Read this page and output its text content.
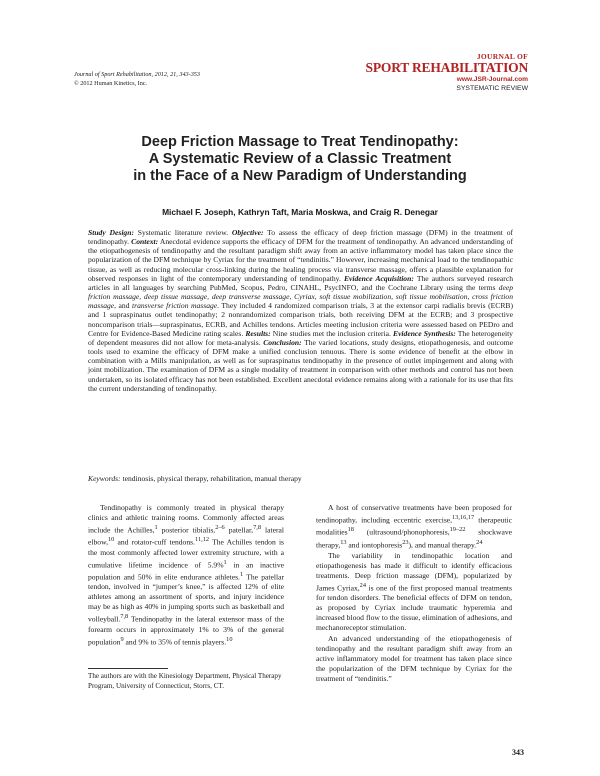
Journal of Sport Rehabilitation, 2012, 21, 343-353
© 2012 Human Kinetics, Inc.
JOURNAL OF
SPORT REHABILITATION
www.JSR-Journal.com
SYSTEMATIC REVIEW
Deep Friction Massage to Treat Tendinopathy:
A Systematic Review of a Classic Treatment
in the Face of a New Paradigm of Understanding
Michael F. Joseph, Kathryn Taft, Maria Moskwa, and Craig R. Denegar
Study Design: Systematic literature review. Objective: To assess the efficacy of deep friction massage (DFM) in the treatment of tendinopathy. Context: Anecdotal evidence supports the efficacy of DFM for the treatment of tendinopathy. An advanced understanding of the etiopathogenesis of tendinopathy and the resultant paradigm shift away from an active inflammatory model has taken place since the popularization of the DFM technique by Cyriax for the treatment of “tendinitis.” However, increasing mechanical load to the tendinopathic tissue, as well as reducing molecular cross-linking during the healing process via transverse massage, offers a plausible explanation for observed responses in light of the contemporary understanding of tendinopathy. Evidence Acquisition: The authors surveyed research articles in all languages by searching PubMed, Scopus, Pedro, CINAHL, PsycINFO, and the Cochrane Library using the terms deep friction massage, deep tissue massage, deep transverse massage, Cyriax, soft tissue mobilization, soft tissue mobilisation, cross friction massage, and transverse friction massage. They included 4 randomized comparison trials, 3 at the extensor carpi radialis brevis (ECRB) and 1 supraspinatus outlet tendinopathy; 2 nonrandomized comparison trials, both receiving DFM at the ECRB; and 3 prospective noncomparison trials—supraspinatus, ECRB, and Achilles tendons. Articles meeting inclusion criteria were assessed based on PEDro and Centre for Evidence-Based Medicine rating scales. Results: Nine studies met the inclusion criteria. Evidence Synthesis: The heterogeneity of dependent measures did not allow for meta-analysis. Conclusion: The varied locations, study designs, etiopathogenesis, and outcome tools used to examine the efficacy of DFM make a unified conclusion tenuous. There is some evidence of benefit at the elbow in combination with a Mills manipulation, as well as for supraspinatus tendinopathy in the presence of outlet impingement and along with joint mobilization. The examination of DFM as a single modality of treatment in comparison with other methods and control has not been undertaken, so its isolated efficacy has not been established. Excellent anecdotal evidence remains along with a rationale for its use that fits the current understanding of tendinopathy.
Keywords: tendinosis, physical therapy, rehabilitation, manual therapy

Tendinopathy is commonly treated in physical therapy clinics and athletic training rooms. Commonly affected areas include the Achilles,$^1$ posterior tibialis,$^{2-6}$ patellar,$^{7,8}$ lateral elbow,$^{10}$ and rotator-cuff tendons.$^{11,12}$ The Achilles tendon is the most commonly affected lower extremity structure, with a cumulative lifetime incidence of 5.9%$^1$ in an inactive population and 50% in elite endurance athletes.$^1$ The patellar tendon, involved in “jumper’s knee,” is affected 12% of elite athletes among an assortment of sports, and injury incidence may be as high as 40% in jumping sports such as basketball and volleyball.$^{7,8}$ Tendinopathy in the lateral extensor mass of the forearm occurs in approximately 1% to 3% of the general population$^9$ and 9% to 35% of tennis players.$^{10}$

A host of conservative treatments have been proposed for tendinopathy, including eccentric exercise,$^{13,16,17}$ therapeutic modalities$^{18}$ (ultrasound/phonophoresis,$^{19-22}$ shockwave therapy,$^{13}$ and iontophoresis$^{23}$), and manual therapy.$^{24}$

The variability in tendinopathic location and etiopathogenesis has made it difficult to identify efficacious treatments. Deep friction massage (DFM), popularized by James Cyriax,$^{24}$ is one of the first proposed manual treatments for tendon disorders. The beneficial effects of DFM on tendon, as proposed by Cyriax include traumatic hyperemia and increased blood flow to the tissue, elimination of adhesions, and mechanoreceptor stimulation.

An advanced understanding of the etiopathogenesis of tendinopathy and the resultant paradigm shift away from an active inflammatory model for treatment has taken place since the popularization of the DFM technique by Cyriax for the treatment of “tendinitis.”

The authors are with the Kinesiology Department, Physical Therapy Program, University of Connecticut, Storrs, CT.
343
